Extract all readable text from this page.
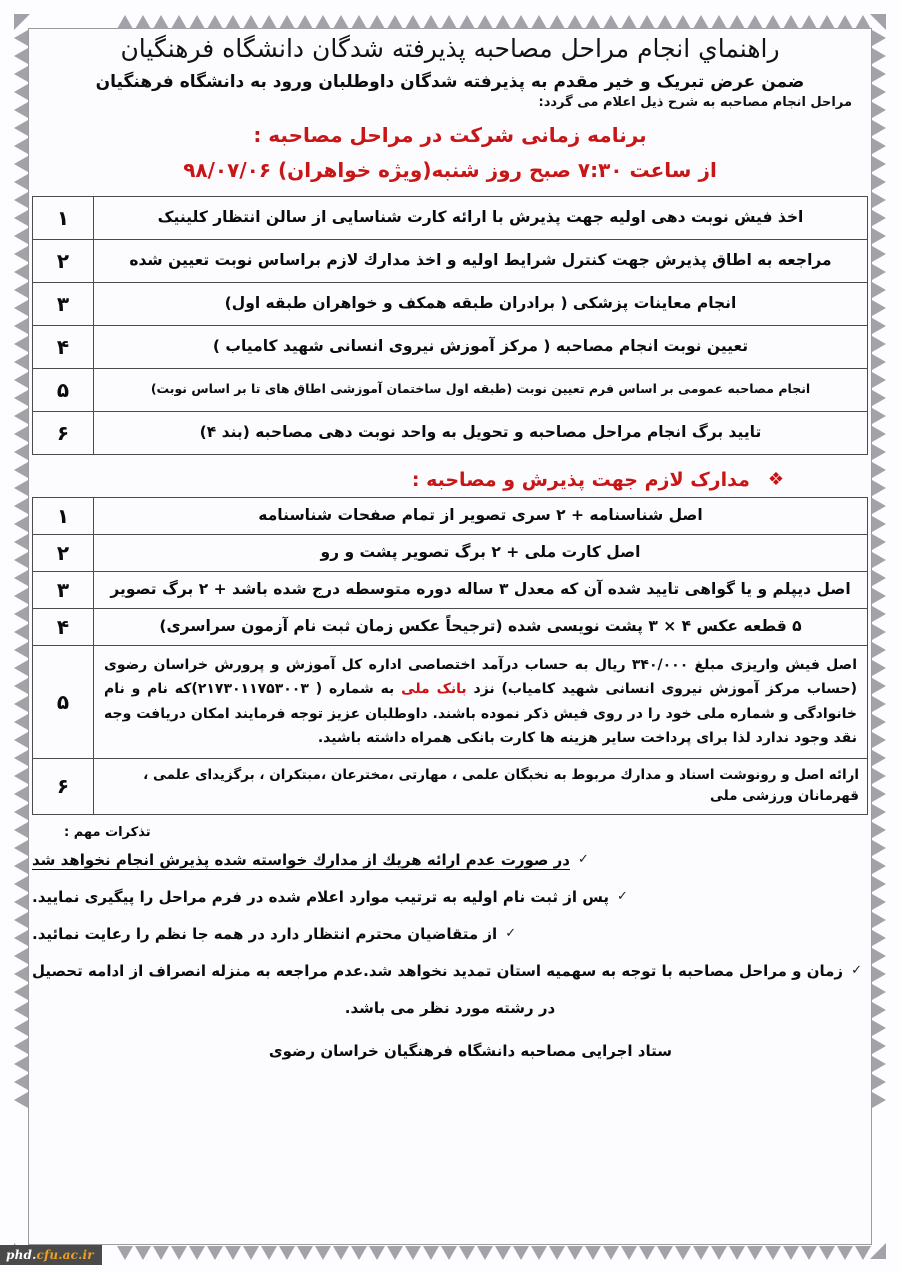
راهنماي انجام مراحل مصاحبه پذيرفته شدگان دانشگاه فرهنگيان
ضمن عرض تبریک و خیر مقدم به پذیرفته شدگان داوطلبان ورود به دانشگاه فرهنگیان
مراحل انجام مصاحبه به شرح ذیل اعلام می گردد:
برنامه زمانی شرکت در مراحل مصاحبه :
از ساعت ۷:۳۰ صبح روز شنبه(ویژه خواهران) ۹۸/۰۷/۰۶
اخذ فیش نوبت دهی اولیه جهت پذیرش با ارائه کارت شناسایی از سالن انتظار کلینیک	۱
مراجعه به اطاق پذیرش جهت کنترل شرایط اولیه و اخذ مدارك لازم براساس نوبت تعیین شده	۲
انجام معاینات پزشکی ( برادران طبقه همکف و خواهران طبقه اول)	۳
تعیین نوبت انجام مصاحبه ( مرکز آموزش نیروی انسانی شهید کامیاب )	۴
انجام مصاحبه عمومی بر اساس فرم تعیین نوبت (طبقه اول ساختمان آموزشی اطاق های تا بر اساس نوبت)	۵
تایید برگ انجام مراحل مصاحبه و تحویل به واحد نوبت دهی مصاحبه (بند ۴)	۶
❖
مدارک لازم جهت پذیرش و مصاحبه :
اصل شناسنامه + ۲ سری تصویر از تمام صفحات شناسنامه	۱
اصل کارت ملی + ۲ برگ تصویر پشت و رو	۲
اصل دیپلم و یا گواهی تایید شده آن که معدل ۳ ساله دوره متوسطه درج شده باشد + ۲ برگ تصویر	۳
۵ قطعه عکس ۴ × ۳ پشت نویسی شده (ترجیحاً عکس زمان ثبت نام آزمون سراسری)	۴
اصل فیش واریزی مبلغ ۳۴۰/۰۰۰ ریال به حساب درآمد اختصاصی اداره کل آموزش و پرورش خراسان رضوی (حساب مرکز آموزش نیروی انسانی شهید کامیاب) نزد بانک ملی به شماره ( ۲۱۷۳۰۱۱۷۵۳۰۰۳)که نام و نام خانوادگی و شماره ملی خود را در روی فیش ذکر نموده باشند. داوطلبان عزیز توجه فرمایند امکان دریافت وجه نقد وجود ندارد لذا برای پرداخت سایر هزینه ها کارت بانکی همراه داشته باشید.	۵
ارائه اصل و رونوشت اسناد و مدارك مربوط به نخبگان علمی ، مهارتی ،مخترعان ،مبتکران ، برگزیدای علمی ، قهرمانان ورزشی ملی	۶
تذکرات مهم :
✓
در صورت عدم ارائه هریك از مدارك خواسته شده پذیرش انجام نخواهد شد
✓
پس از ثبت نام اولیه به ترتیب موارد اعلام شده در فرم مراحل را پیگیری نمایید.
✓
از متقاضیان محترم انتظار دارد در همه جا نظم را رعایت نمائید.
✓
زمان و مراحل مصاحبه با توجه به سهمیه استان تمدید نخواهد شد.عدم مراجعه به منزله انصراف از ادامه تحصیل
در رشته مورد نظر می باشد.
ستاد اجرایی مصاحبه دانشگاه فرهنگیان خراسان رضوی
phd.cfu.ac.ir
